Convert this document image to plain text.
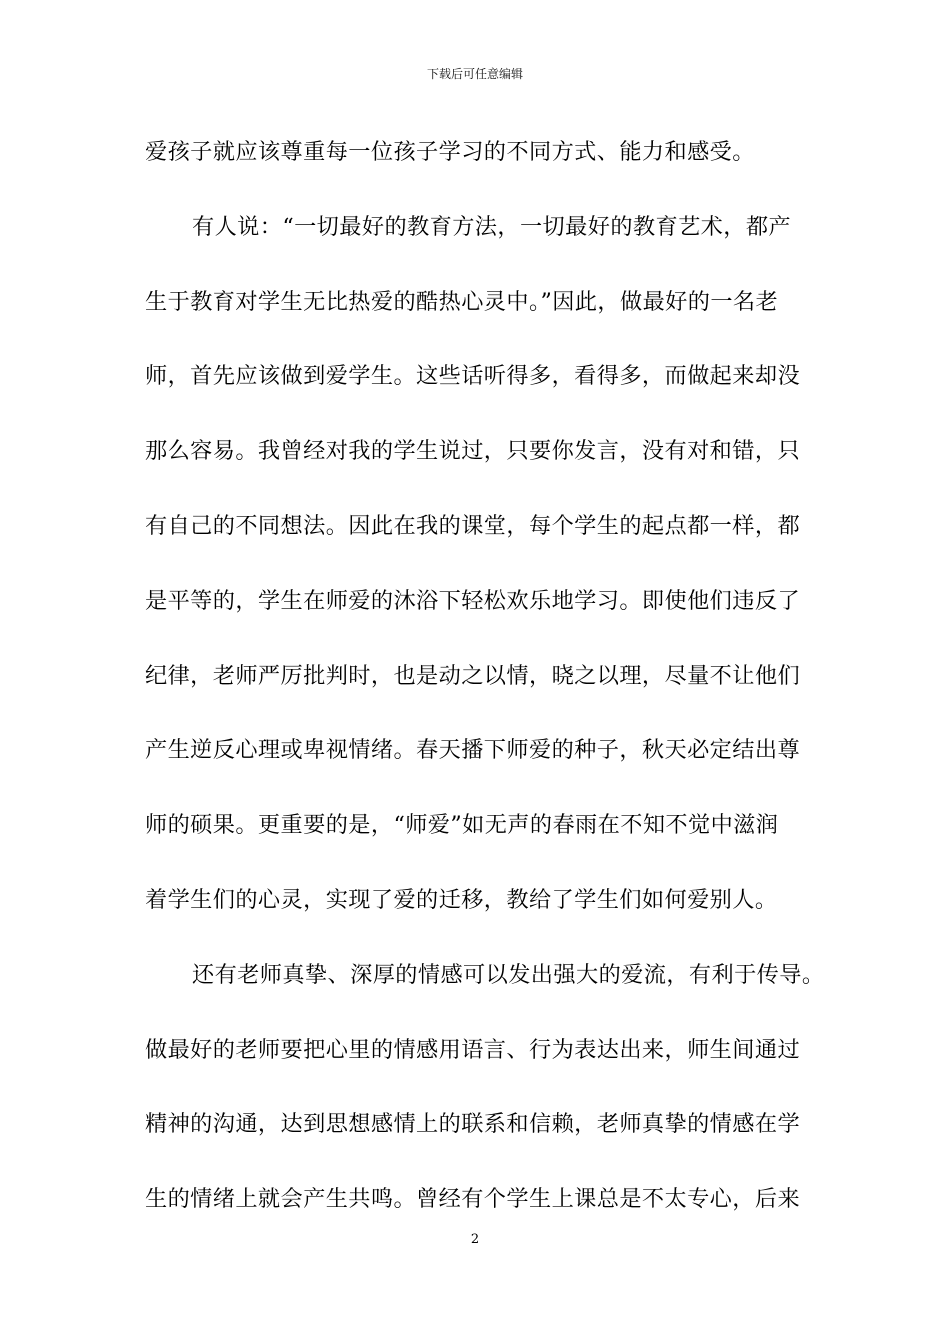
下载后可任意编辑
爱孩子就应该尊重每一位孩子学习的不同方式、能力和感受。
有人说：“一切最好的教育方法，一切最好的教育艺术，都产
生于教育对学生无比热爱的酷热心灵中。”因此，做最好的一名老
师，首先应该做到爱学生。这些话听得多，看得多，而做起来却没
那么容易。我曾经对我的学生说过，只要你发言，没有对和错，只
有自己的不同想法。因此在我的课堂，每个学生的起点都一样，都
是平等的，学生在师爱的沐浴下轻松欢乐地学习。即使他们违反了
纪律，老师严厉批判时，也是动之以情，晓之以理，尽量不让他们
产生逆反心理或卑视情绪。春天播下师爱的种子，秋天必定结出尊
师的硕果。更重要的是，“师爱”如无声的春雨在不知不觉中滋润
着学生们的心灵，实现了爱的迁移，教给了学生们如何爱别人。
还有老师真挚、深厚的情感可以发出强大的爱流，有利于传导。
做最好的老师要把心里的情感用语言、行为表达出来，师生间通过
精神的沟通，达到思想感情上的联系和信赖，老师真挚的情感在学
生的情绪上就会产生共鸣。曾经有个学生上课总是不太专心，后来
2
